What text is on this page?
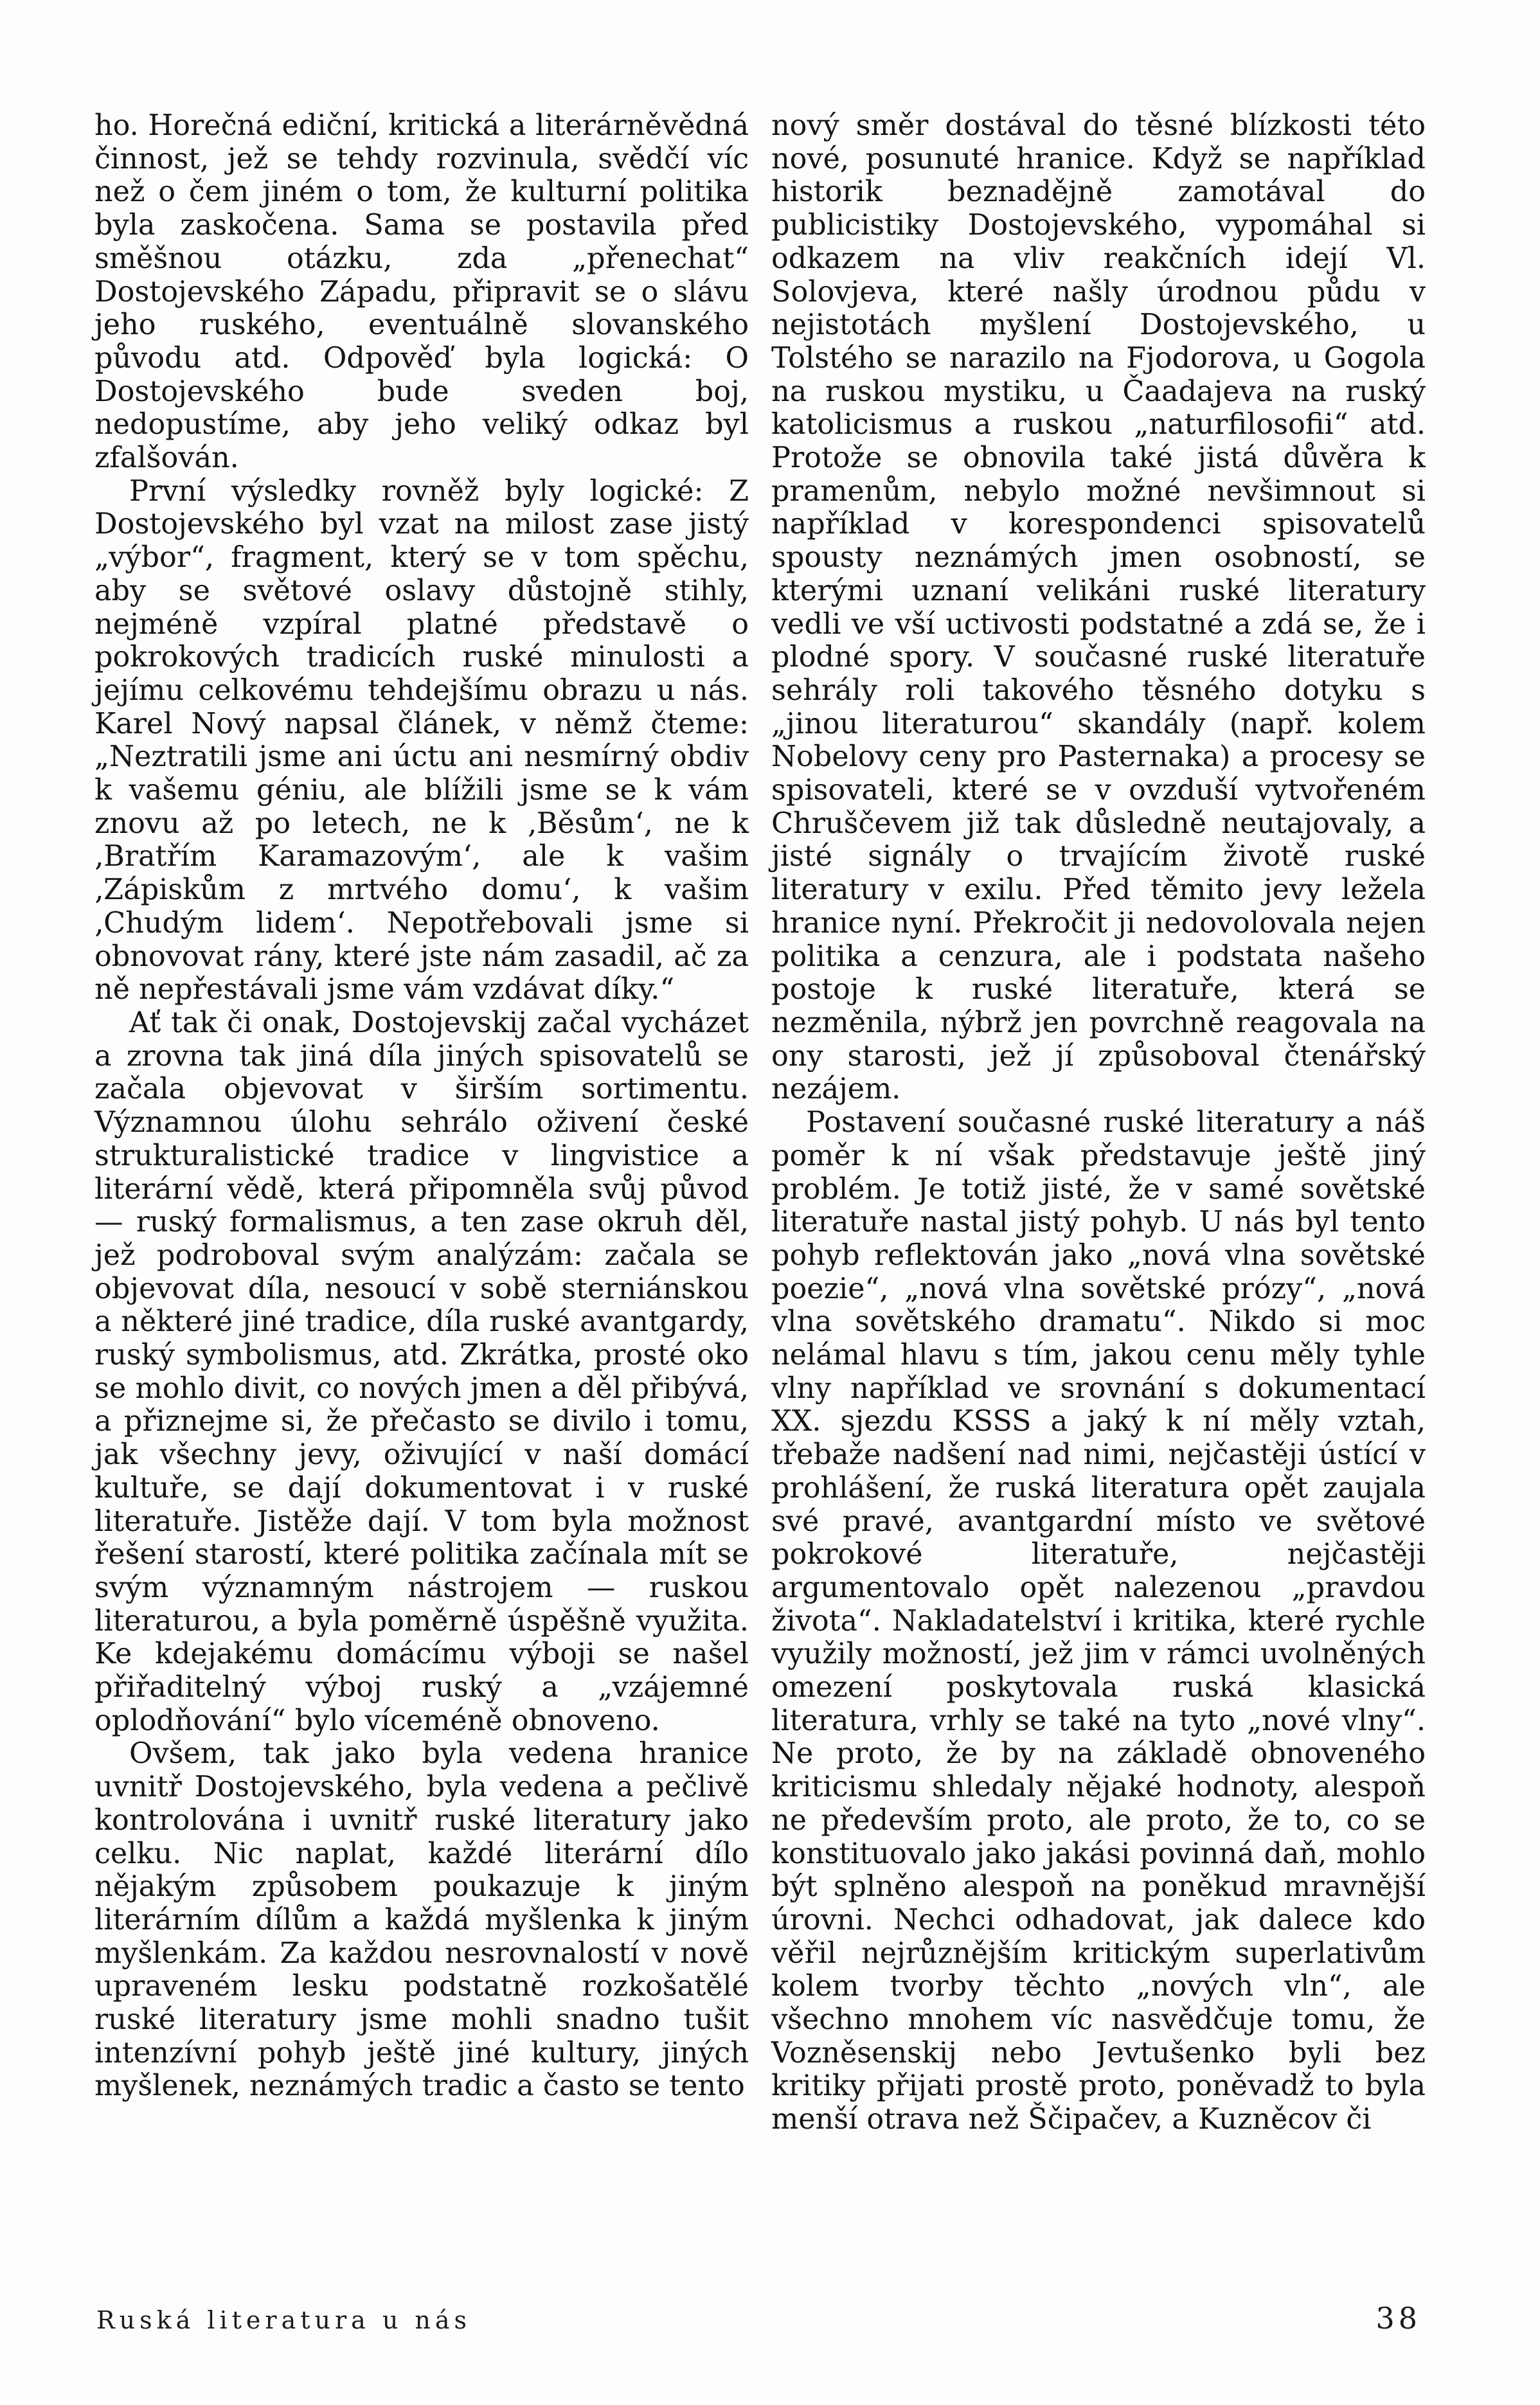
ho. Horečná ediční, kritická a literárněvědná činnost, jež se tehdy rozvinula, svědčí víc než o čem jiném o tom, že kulturní politika byla zaskočena. Sama se postavila před směšnou otázku, zda „přenechat“ Dostojevského Západu, připravit se o slávu jeho ruského, eventuálně slovanského původu atd. Odpověď byla logická: O Dostojevského bude sveden boj, nedopustíme, aby jeho veliký odkaz byl zfalšován.

První výsledky rovněž byly logické: Z Dostojevského byl vzat na milost zase jistý „výbor“, fragment, který se v tom spěchu, aby se světové oslavy důstojně stihly, nejméně vzpíral platné představě o pokrokových tradicích ruské minulosti a jejímu celkovému tehdejšímu obrazu u nás. Karel Nový napsal článek, v němž čteme: „Neztratili jsme ani úctu ani nesmírný obdiv k vašemu géniu, ale blížili jsme se k vám znovu až po letech, ne k ‚Běsům‘, ne k ‚Bratřím Karamazovým‘, ale k vašim ‚Zápiskům z mrtvého domu‘, k vašim ‚Chudým lidem‘. Nepotřebovali jsme si obnovovat rány, které jste nám zasadil, ač za ně nepřestávali jsme vám vzdávat díky.“

Ať tak či onak, Dostojevskij začal vycházet a zrovna tak jiná díla jiných spisovatelů se začala objevovat v širším sortimentu. Významnou úlohu sehrálo oživení české strukturalistické tradice v lingvistice a literární vědě, která připomněla svůj původ — ruský formalismus, a ten zase okruh děl, jež podroboval svým analýzám: začala se objevovat díla, nesoucí v sobě sterniánskou a některé jiné tradice, díla ruské avantgardy, ruský symbolismus, atd. Zkrátka, prosté oko se mohlo divit, co nových jmen a děl přibývá, a přiznejme si, že přečasto se divilo i tomu, jak všechny jevy, oživující v naší domácí kultuře, se dají dokumentovat i v ruské literatuře. Jistěže dají. V tom byla možnost řešení starostí, které politika začínala mít se svým významným nástrojem — ruskou literaturou, a byla poměrně úspěšně využita. Ke kdejakému domácímu výboji se našel přiřaditelný výboj ruský a „vzájemné oplodňování“ bylo víceméně obnoveno.

Ovšem, tak jako byla vedena hranice uvnitř Dostojevského, byla vedena a pečlivě kontrolována i uvnitř ruské literatury jako celku. Nic naplat, každé literární dílo nějakým způsobem poukazuje k jiným literárním dílům a každá myšlenka k jiným myšlenkám. Za každou nesrovnalostí v nově upraveném lesku podstatně rozkošatělé ruské literatury jsme mohli snadno tušit intenzívní pohyb ještě jiné kultury, jiných myšlenek, neznámých tradic a často se tento

nový směr dostával do těsné blízkosti této nové, posunuté hranice. Když se například historik beznadějně zamotával do publicistiky Dostojevského, vypomáhal si odkazem na vliv reakčních idejí Vl. Solovjeva, které našly úrodnou půdu v nejistotách myšlení Dostojevského, u Tolstého se narazilo na Fjodorova, u Gogola na ruskou mystiku, u Čaadajeva na ruský katolicismus a ruskou „naturfilosofii“ atd. Protože se obnovila také jistá důvěra k pramenům, nebylo možné nevšimnout si například v korespondenci spisovatelů spousty neznámých jmen osobností, se kterými uznaní velikáni ruské literatury vedli ve vší uctivosti podstatné a zdá se, že i plodné spory. V současné ruské literatuře sehrály roli takového těsného dotyku s „jinou literaturou“ skandály (např. kolem Nobelovy ceny pro Pasternaka) a procesy se spisovateli, které se v ovzduší vytvořeném Chruščevem již tak důsledně neutajovaly, a jisté signály o trvajícím životě ruské literatury v exilu. Před těmito jevy ležela hranice nyní. Překročit ji nedovolovala nejen politika a cenzura, ale i podstata našeho postoje k ruské literatuře, která se nezměnila, nýbrž jen povrchně reagovala na ony starosti, jež jí způsoboval čtenářský nezájem.

Postavení současné ruské literatury a náš poměr k ní však představuje ještě jiný problém. Je totiž jisté, že v samé sovětské literatuře nastal jistý pohyb. U nás byl tento pohyb reflektován jako „nová vlna sovětské poezie“, „nová vlna sovětské prózy“, „nová vlna sovětského dramatu“. Nikdo si moc nelámal hlavu s tím, jakou cenu měly tyhle vlny například ve srovnání s dokumentací XX. sjezdu KSSS a jaký k ní měly vztah, třebaže nadšení nad nimi, nejčastěji ústící v prohlášení, že ruská literatura opět zaujala své pravé, avantgardní místo ve světové pokrokové literatuře, nejčastěji argumentovalo opět nalezenou „pravdou života“. Nakladatelství i kritika, které rychle využily možností, jež jim v rámci uvolněných omezení poskytovala ruská klasická literatura, vrhly se také na tyto „nové vlny“. Ne proto, že by na základě obnoveného kriticismu shledaly nějaké hodnoty, alespoň ne především proto, ale proto, že to, co se konstituovalo jako jakási povinná daň, mohlo být splněno alespoň na poněkud mravnější úrovni. Nechci odhadovat, jak dalece kdo věřil nejrůznějším kritickým superlativům kolem tvorby těchto „nových vln“, ale všechno mnohem víc nasvědčuje tomu, že Vozněsenskij nebo Jevtušenko byli bez kritiky přijati prostě proto, poněvadž to byla menší otrava než Ščipačev, a Kuzněcov či

Ruská literatura u nás	38
